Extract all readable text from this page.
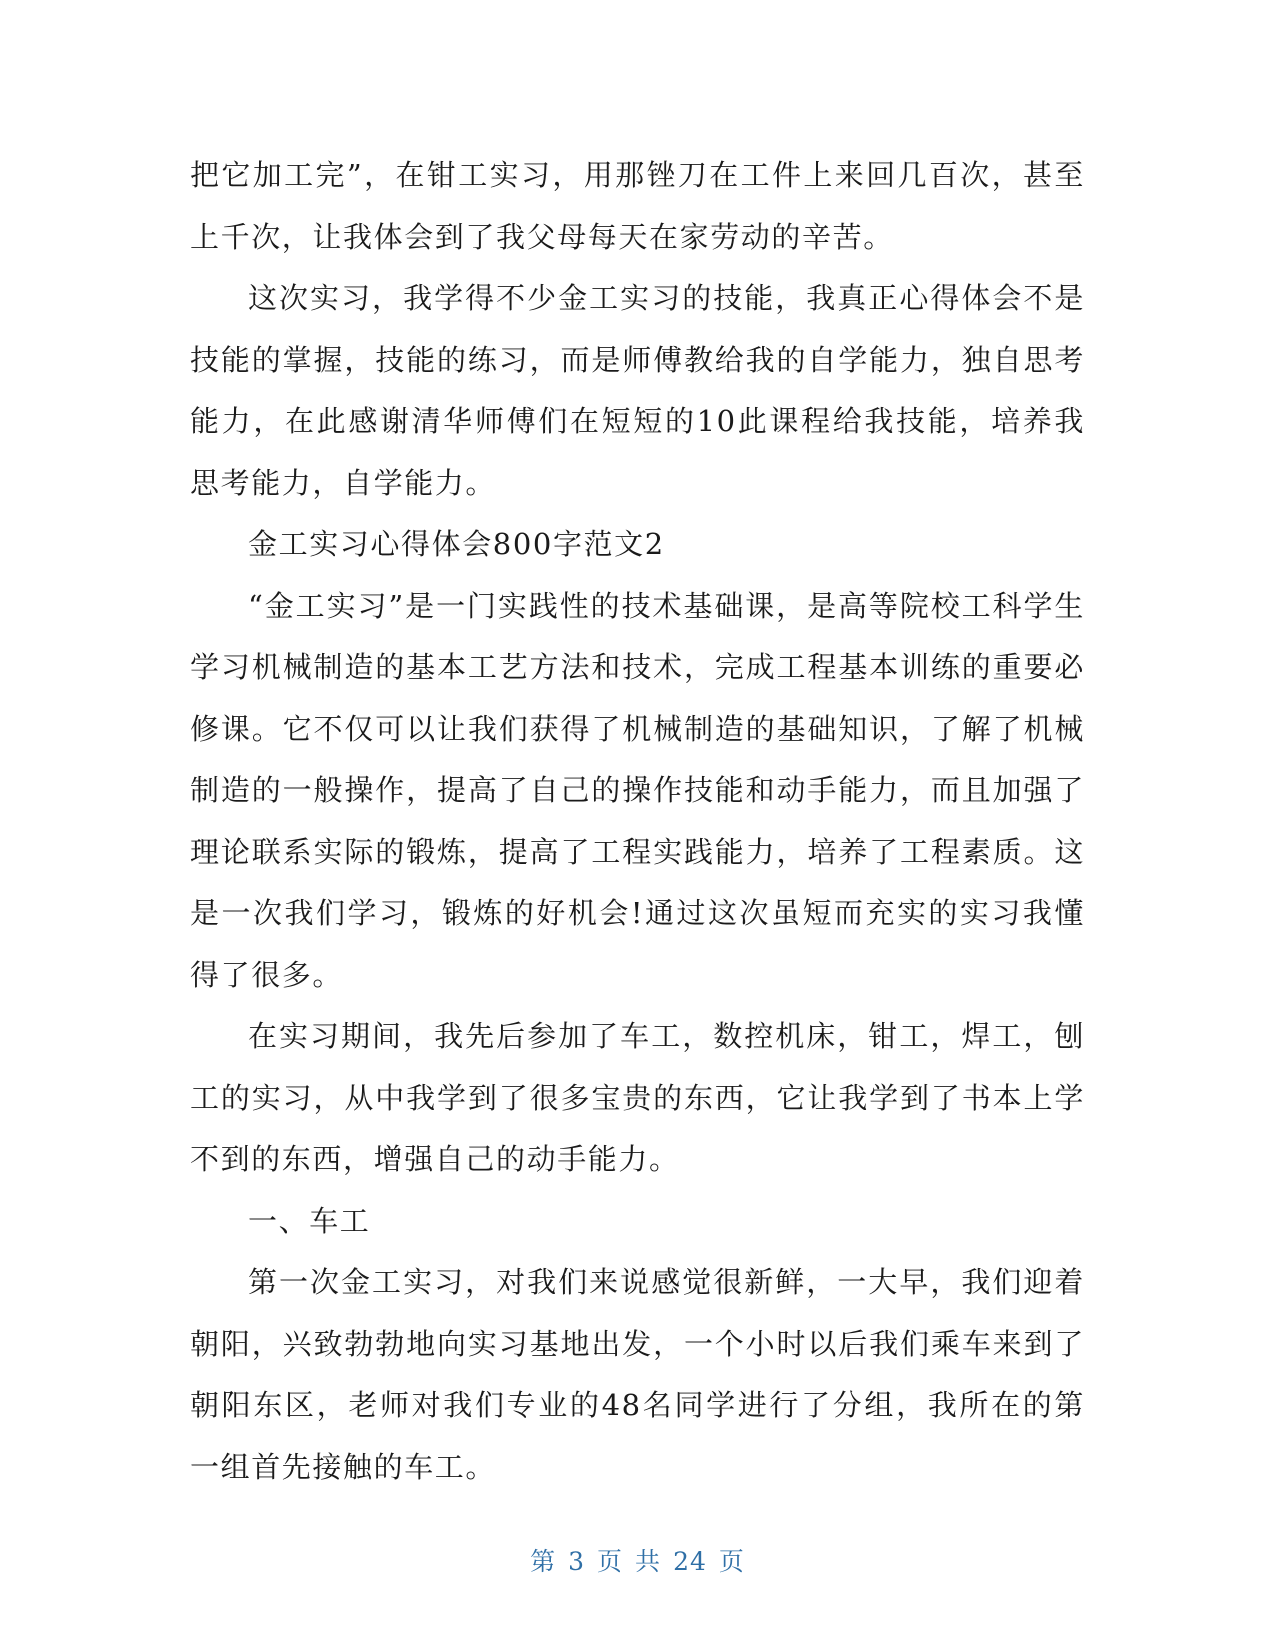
把它加工完”，在钳工实习，用那锉刀在工件上来回几百次，甚至上千次，让我体会到了我父母每天在家劳动的辛苦。

这次实习，我学得不少金工实习的技能，我真正心得体会不是技能的掌握，技能的练习，而是师傅教给我的自学能力，独自思考能力，在此感谢清华师傅们在短短的10此课程给我技能，培养我思考能力，自学能力。

金工实习心得体会800字范文2

“金工实习”是一门实践性的技术基础课，是高等院校工科学生学习机械制造的基本工艺方法和技术，完成工程基本训练的重要必修课。它不仅可以让我们获得了机械制造的基础知识，了解了机械制造的一般操作，提高了自己的操作技能和动手能力，而且加强了理论联系实际的锻炼，提高了工程实践能力，培养了工程素质。这是一次我们学习，锻炼的好机会!通过这次虽短而充实的实习我懂得了很多。

在实习期间，我先后参加了车工，数控机床，钳工，焊工，刨工的实习，从中我学到了很多宝贵的东西，它让我学到了书本上学不到的东西，增强自己的动手能力。

一、车工

第一次金工实习，对我们来说感觉很新鲜，一大早，我们迎着朝阳，兴致勃勃地向实习基地出发，一个小时以后我们乘车来到了朝阳东区，老师对我们专业的48名同学进行了分组，我所在的第一组首先接触的车工。

第 3 页 共 24 页
